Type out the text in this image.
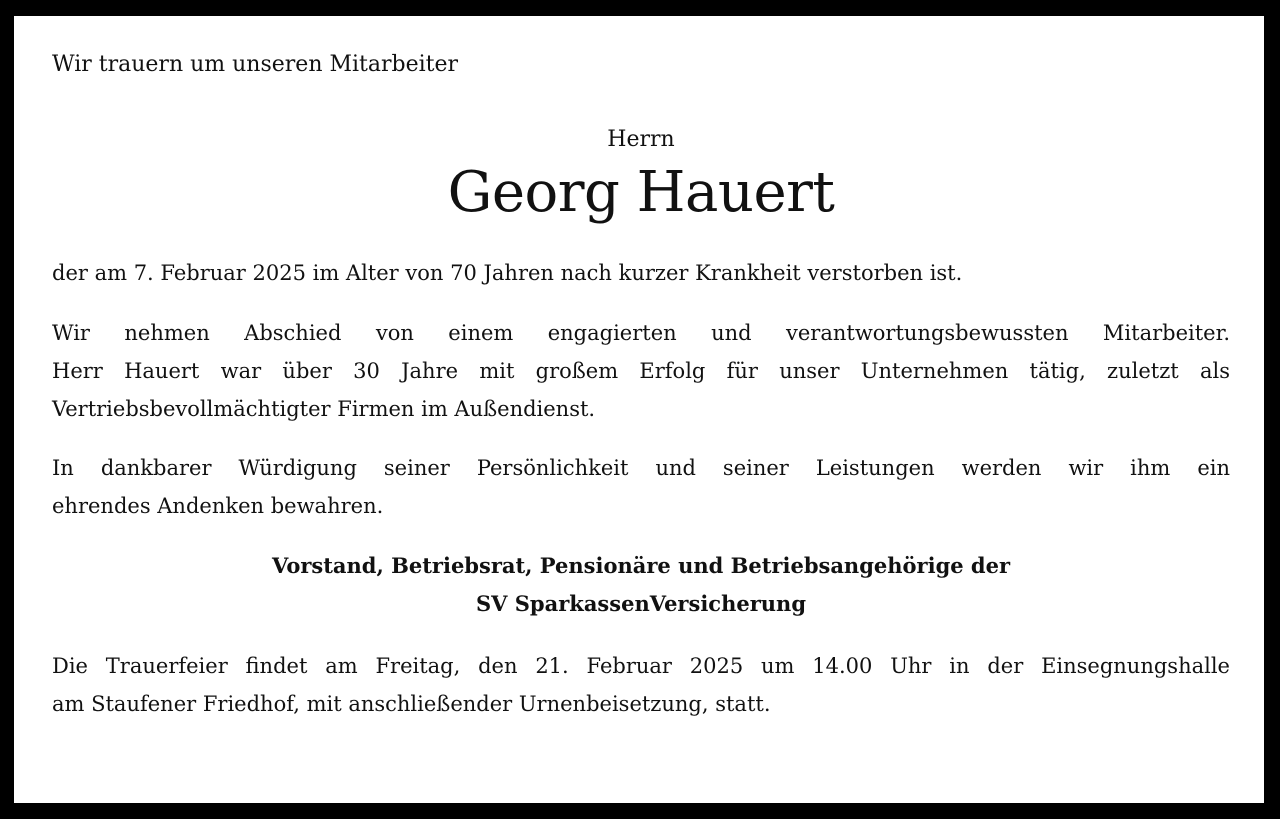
Wir trauern um unseren Mitarbeiter

Herrn

Georg Hauert

der am 7. Februar 2025 im Alter von 70 Jahren nach kurzer Krankheit verstorben ist.

Wir nehmen Abschied von einem engagierten und verantwortungsbewussten Mitarbeiter.
Herr Hauert war über 30 Jahre mit großem Erfolg für unser Unternehmen tätig, zuletzt als
Vertriebsbevollmächtigter Firmen im Außendienst.

In dankbarer Würdigung seiner Persönlichkeit und seiner Leistungen werden wir ihm ein
ehrendes Andenken bewahren.

Vorstand, Betriebsrat, Pensionäre und Betriebsangehörige der
SV SparkassenVersicherung

Die Trauerfeier findet am Freitag, den 21. Februar 2025 um 14.00 Uhr in der Einsegnungshalle
am Staufener Friedhof, mit anschließender Urnenbeisetzung, statt.
